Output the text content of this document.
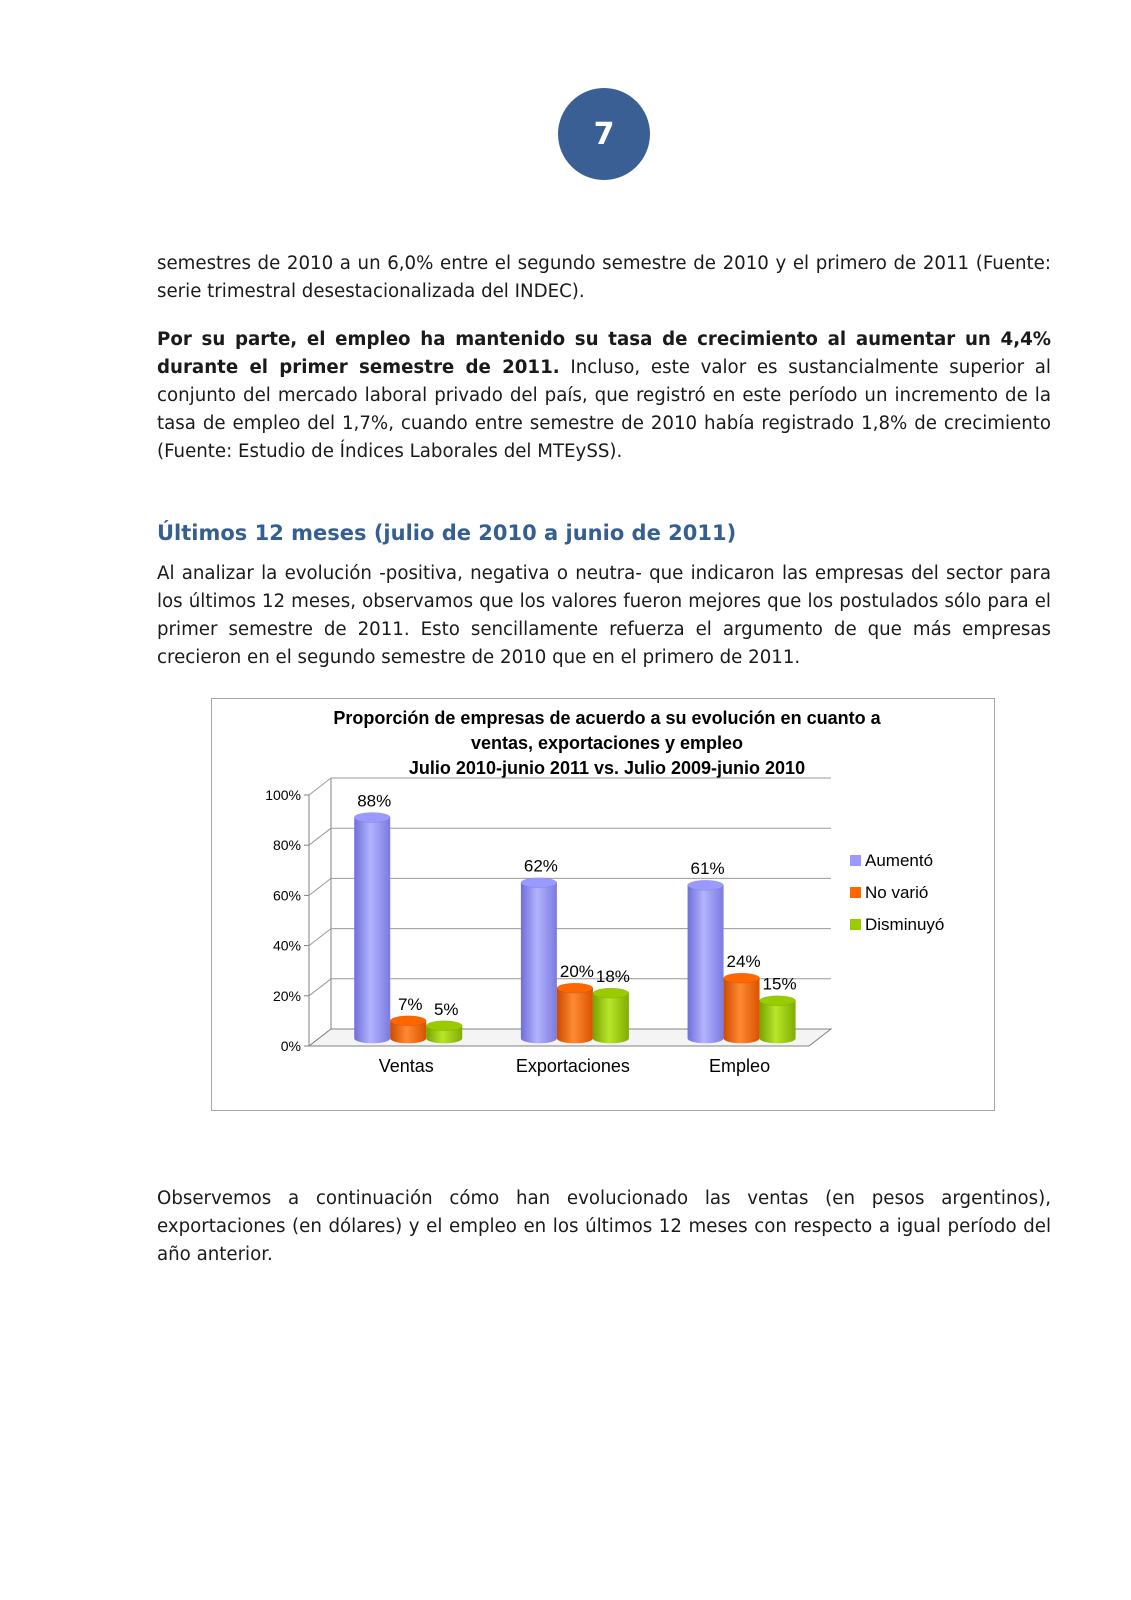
7

semestres de 2010 a un 6,0% entre el segundo semestre de 2010 y el primero de 2011 (Fuente: serie trimestral desestacionalizada del INDEC).

Por su parte, el empleo ha mantenido su tasa de crecimiento al aumentar un 4,4% durante el primer semestre de 2011. Incluso, este valor es sustancialmente superior al conjunto del mercado laboral privado del país, que registró en este período un incremento de la tasa de empleo del 1,7%, cuando entre semestre de 2010 había registrado 1,8% de crecimiento (Fuente: Estudio de Índices Laborales del MTEySS).

Últimos 12 meses (julio de 2010 a junio de 2011)

Al analizar la evolución -positiva, negativa o neutra- que indicaron las empresas del sector para los últimos 12 meses, observamos que los valores fueron mejores que los postulados sólo para el primer semestre de 2011. Esto sencillamente refuerza el argumento de que más empresas crecieron en el segundo semestre de 2010 que en el primero de 2011.

Proporción de empresas de acuerdo a su evolución en cuanto a
ventas, exportaciones y empleo
Julio 2010-junio 2011 vs. Julio 2009-junio 2010
0%
20%
40%
60%
80%
100%	88%
7% 5%
Ventas
62%
20% 18%
Exportaciones
61%
24%
15%
Empleo
Aumentó
No varió
Disminuyó

Observemos a continuación cómo han evolucionado las ventas (en pesos argentinos), exportaciones (en dólares) y el empleo en los últimos 12 meses con respecto a igual período del año anterior.
